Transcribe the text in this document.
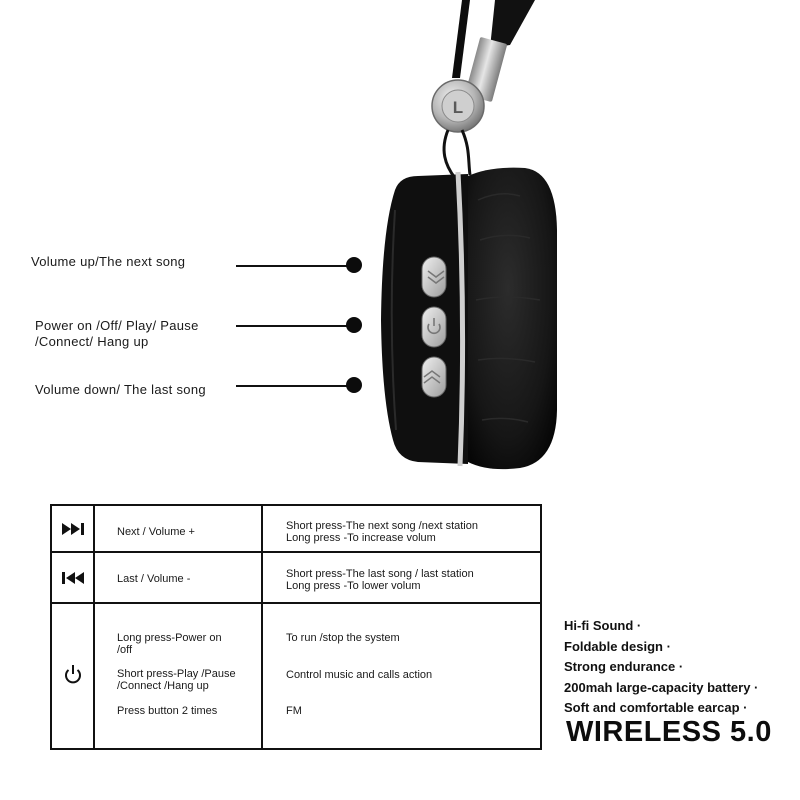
Volume up/The next song
Power on /Off/ Play/ Pause
/Connect/ Hang up
Volume down/ The last song
L
Next / Volume +	Short press-The next song /next station
Long press -To increase volum
Last / Volume -	Short press-The last song / last station
Long press -To lower volum
Long press-Power on
/off
Short press-Play /Pause
/Connect /Hang up
Press button 2 times
To run /stop the system
Control music and calls action
FM
Hi-fi Sound ·
Foldable design ·
Strong endurance ·
200mah large-capacity battery ·
Soft and comfortable earcap ·
WIRELESS 5.0
